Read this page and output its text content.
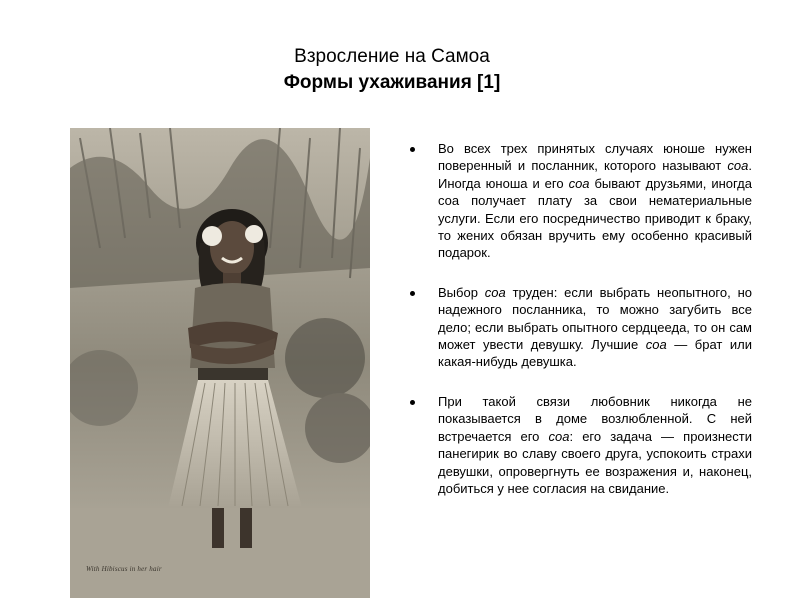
Взросление на Самоа
Формы ухаживания [1]
With Hibiscus in her hair
Во всех трех принятых случаях юноше нужен поверенный и посланник, которого называют соа. Иногда юноша и его соа бывают друзьями, иногда соа получает плату за свои нематериальные услуги. Если его посредничество приводит к браку, то жених обязан вручить ему особенно красивый подарок.
Выбор соа труден: если выбрать неопытного, но надежного посланника, то можно загубить все дело; если выбрать опытного сердцееда, то он сам может увести девушку. Лучшие соа — брат или какая-нибудь девушка.
При такой связи любовник никогда не показывается в доме возлюбленной. С ней встречается его соа: его задача — произнести панегирик во славу своего друга, успокоить страхи девушки, опровергнуть ее возражения и, наконец, добиться у нее согласия на свидание.
